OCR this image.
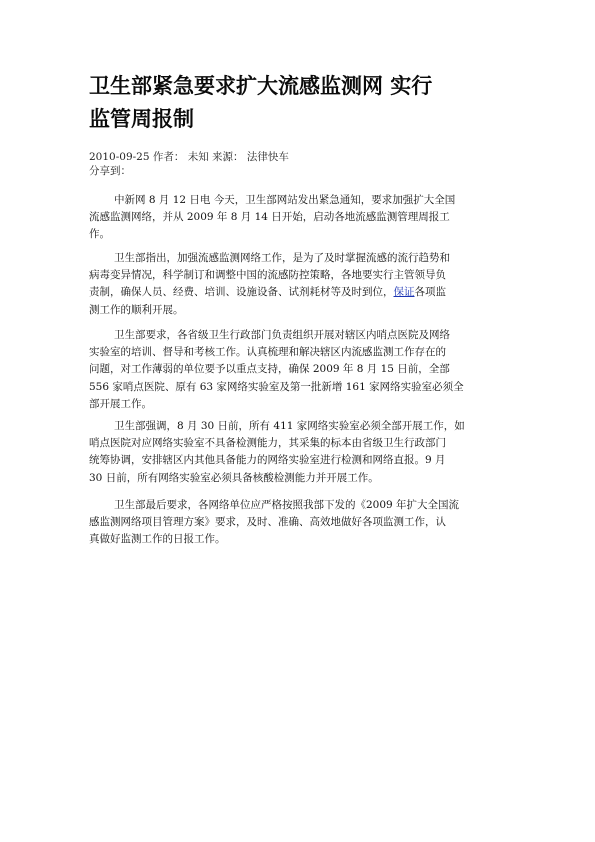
卫生部紧急要求扩大流感监测网 实行
监管周报制
2010-09-25 作者： 未知 来源： 法律快车
分享到：

中新网 8 月 12 日电 今天，卫生部网站发出紧急通知，要求加强扩大全国
流感监测网络，并从 2009 年 8 月 14 日开始，启动各地流感监测管理周报工
作。

卫生部指出，加强流感监测网络工作，是为了及时掌握流感的流行趋势和
病毒变异情况，科学制订和调整中国的流感防控策略，各地要实行主管领导负
责制，确保人员、经费、培训、设施设备、试剂耗材等及时到位，保证各项监
测工作的顺利开展。

卫生部要求，各省级卫生行政部门负责组织开展对辖区内哨点医院及网络
实验室的培训、督导和考核工作。认真梳理和解决辖区内流感监测工作存在的
问题，对工作薄弱的单位要予以重点支持，确保 2009 年 8 月 15 日前，全部
556 家哨点医院、原有 63 家网络实验室及第一批新增 161 家网络实验室必须全
部开展工作。

卫生部强调，8 月 30 日前，所有 411 家网络实验室必须全部开展工作，如
哨点医院对应网络实验室不具备检测能力，其采集的标本由省级卫生行政部门
统筹协调，安排辖区内其他具备能力的网络实验室进行检测和网络直报。9 月
30 日前，所有网络实验室必须具备核酸检测能力并开展工作。

卫生部最后要求，各网络单位应严格按照我部下发的《2009 年扩大全国流
感监测网络项目管理方案》要求，及时、准确、高效地做好各项监测工作，认
真做好监测工作的日报工作。
